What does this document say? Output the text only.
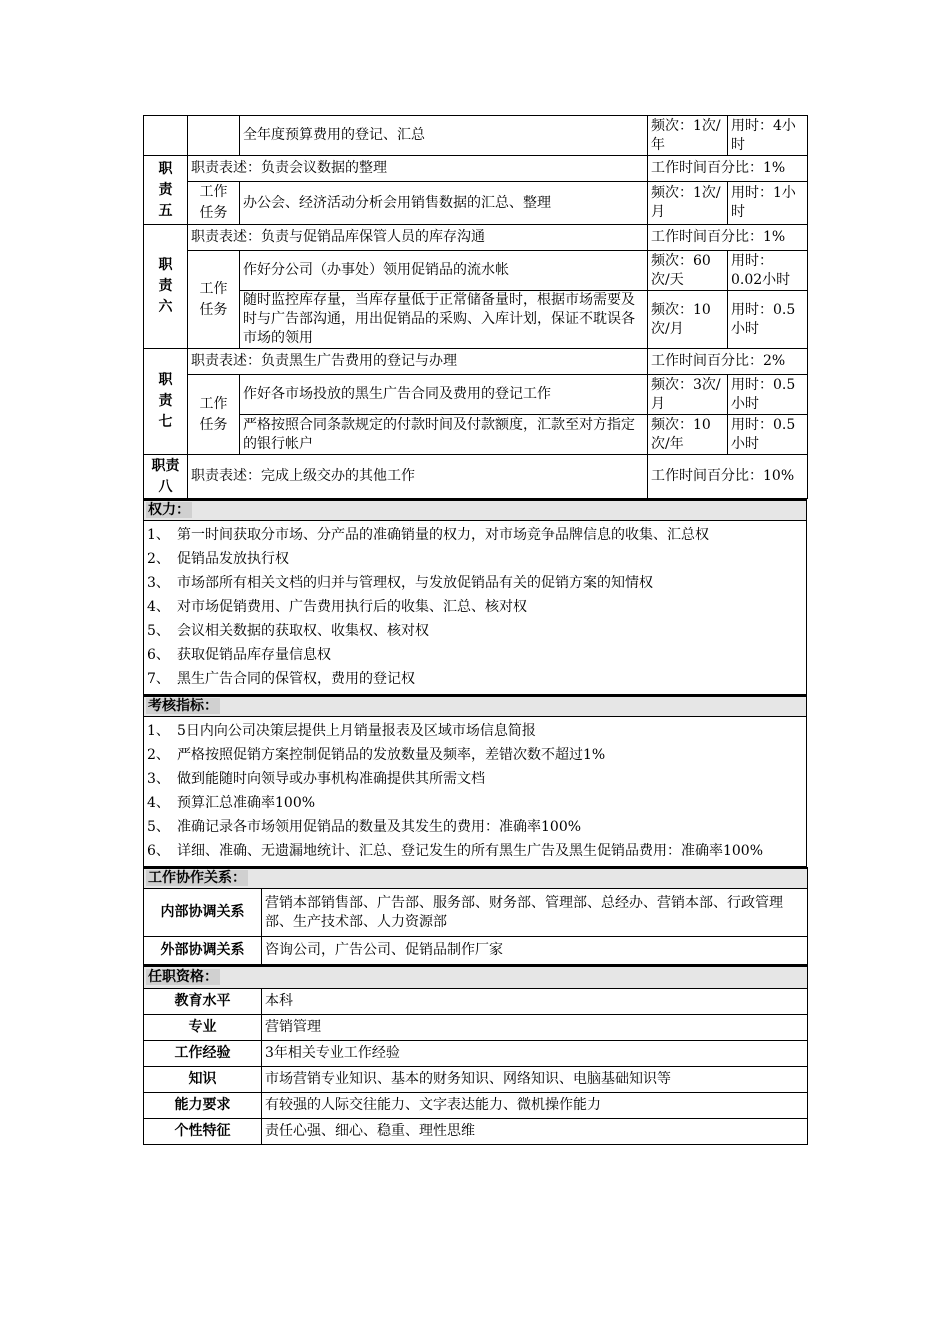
		全年度预算费用的登记、汇总	频次：1次/年	用时：4小时
职责五	职责表述：负责会议数据的整理		工作时间百分比：1%	
	工作任务	办公会、经济活动分析会用销售数据的汇总、整理	频次：1次/月	用时：1小时
职责六	职责表述：负责与促销品库保管人员的库存沟通		工作时间百分比：1%	
	工作任务	作好分公司（办事处）领用促销品的流水帐	频次：60次/天	用时：0.02小时
		随时监控库存量，当库存量低于正常储备量时，根据市场需要及时与广告部沟通，用出促销品的采购、入库计划，保证不耽误各市场的领用	频次：10次/月	用时：0.5小时
职责七	职责表述：负责黑生广告费用的登记与办理		工作时间百分比：2%	
	工作任务	作好各市场投放的黑生广告合同及费用的登记工作	频次：3次/月	用时：0.5小时
		严格按照合同条款规定的付款时间及付款额度，汇款至对方指定的银行帐户	频次：10次/年	用时：0.5小时
职责八	职责表述：完成上级交办的其他工作		工作时间百分比：10%	
权力：

1、 第一时间获取分市场、分产品的准确销量的权力，对市场竞争品牌信息的收集、汇总权
2、 促销品发放执行权
3、 市场部所有相关文档的归并与管理权，与发放促销品有关的促销方案的知情权
4、 对市场促销费用、广告费用执行后的收集、汇总、核对权
5、 会议相关数据的获取权、收集权、核对权
6、 获取促销品库存量信息权
7、 黑生广告合同的保管权，费用的登记权
考核指标：

1、 5日内向公司决策层提供上月销量报表及区域市场信息简报
2、 严格按照促销方案控制促销品的发放数量及频率，差错次数不超过1%
3、 做到能随时向领导或办事机构准确提供其所需文档
4、 预算汇总准确率100%
5、 准确记录各市场领用促销品的数量及其发生的费用：准确率100%
6、 详细、准确、无遗漏地统计、汇总、登记发生的所有黑生广告及黑生促销品费用：准确率100%
工作协作关系：	
内部协调关系	营销本部销售部、广告部、服务部、财务部、管理部、总经办、营销本部、行政管理部、生产技术部、人力资源部
外部协调关系	咨询公司，广告公司、促销品制作厂家
任职资格：	
教育水平	本科
专业	营销管理
工作经验	3年相关专业工作经验
知识	市场营销专业知识、基本的财务知识、网络知识、电脑基础知识等
能力要求	有较强的人际交往能力、文字表达能力、微机操作能力
个性特征	责任心强、细心、稳重、理性思维
